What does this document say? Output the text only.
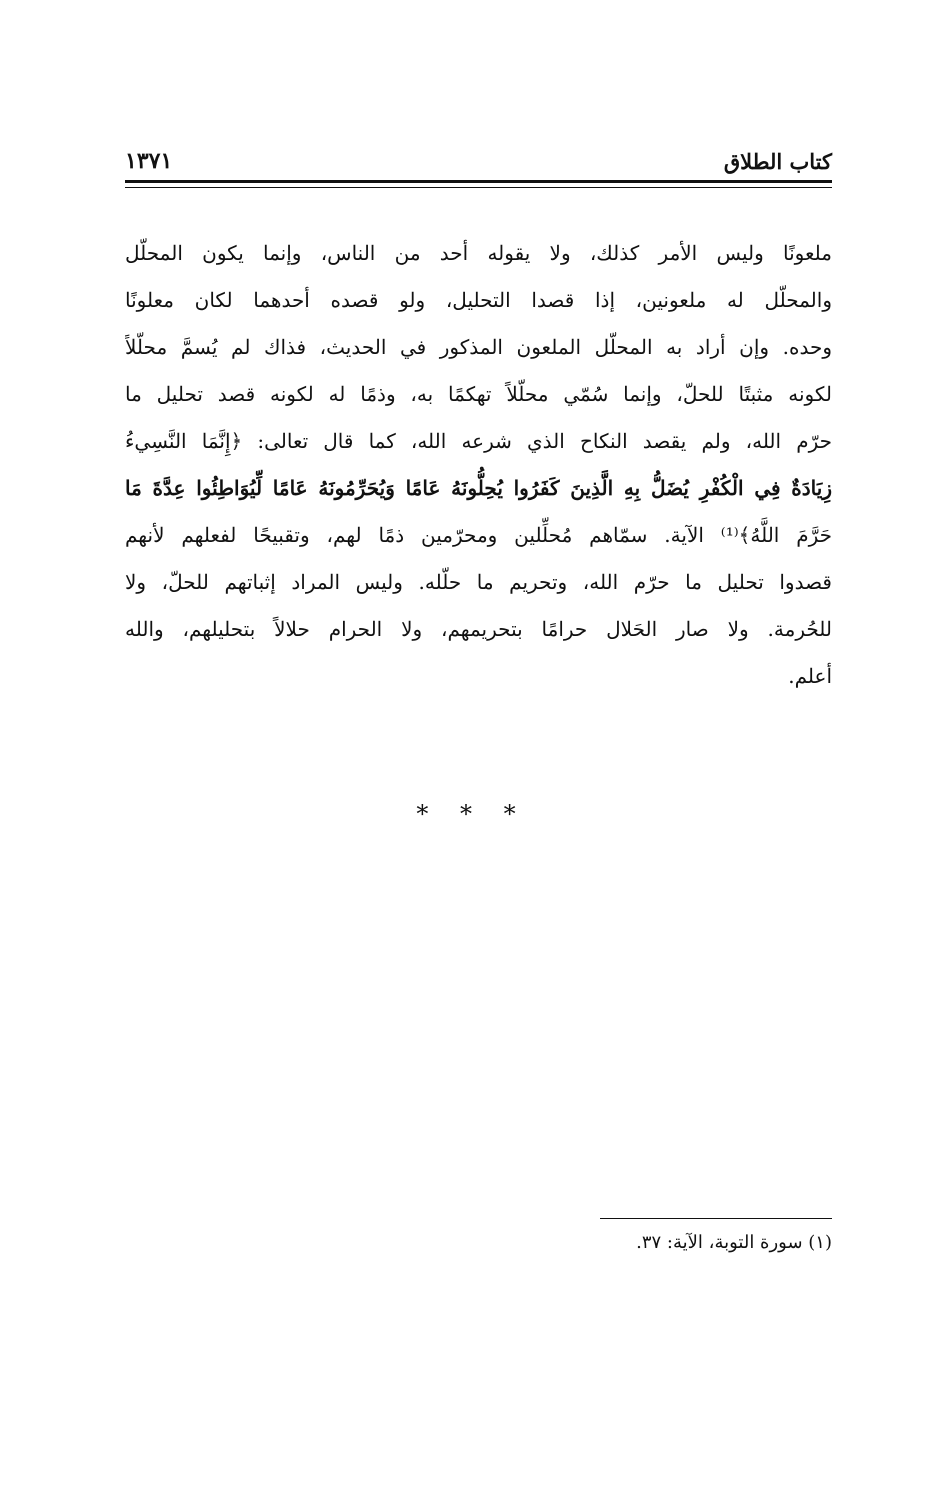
كتاب الطلاق
١٣٧١
ملعونًا وليس الأمر كذلك، ولا يقوله أحد من الناس، وإنما يكون المحلّل
والمحلّل له ملعونين، إذا قصدا التحليل، ولو قصده أحدهما لكان معلونًا
وحده. وإن أراد به المحلّل الملعون المذكور في الحديث، فذاك لم يُسمَّ محلّلاً
لكونه مثبتًا للحلّ، وإنما سُمّي محلّلاً تهكمًا به، وذمًا له لكونه قصد تحليل ما
حرّم الله، ولم يقصد النكاح الذي شرعه الله، كما قال تعالى: ﴿إِنَّمَا النَّسِيءُ
زِيَادَةٌ فِي الْكُفْرِ يُضَلُّ بِهِ الَّذِينَ كَفَرُوا يُحِلُّونَهُ عَامًا وَيُحَرِّمُونَهُ عَامًا لِّيُوَاطِئُوا عِدَّةَ مَا
حَرَّمَ اللَّهُ﴾⁽¹⁾ الآية. سمّاهم مُحلِّلين ومحرّمين ذمًا لهم، وتقبيحًا لفعلهم لأنهم
قصدوا تحليل ما حرّم الله، وتحريم ما حلّله. وليس المراد إثباتهم للحلّ، ولا
للحُرمة. ولا صار الحَلال حرامًا بتحريمهم، ولا الحرام حلالاً بتحليلهم، والله
أعلم.
* * *
(١) سورة التوبة، الآية: ٣٧.
